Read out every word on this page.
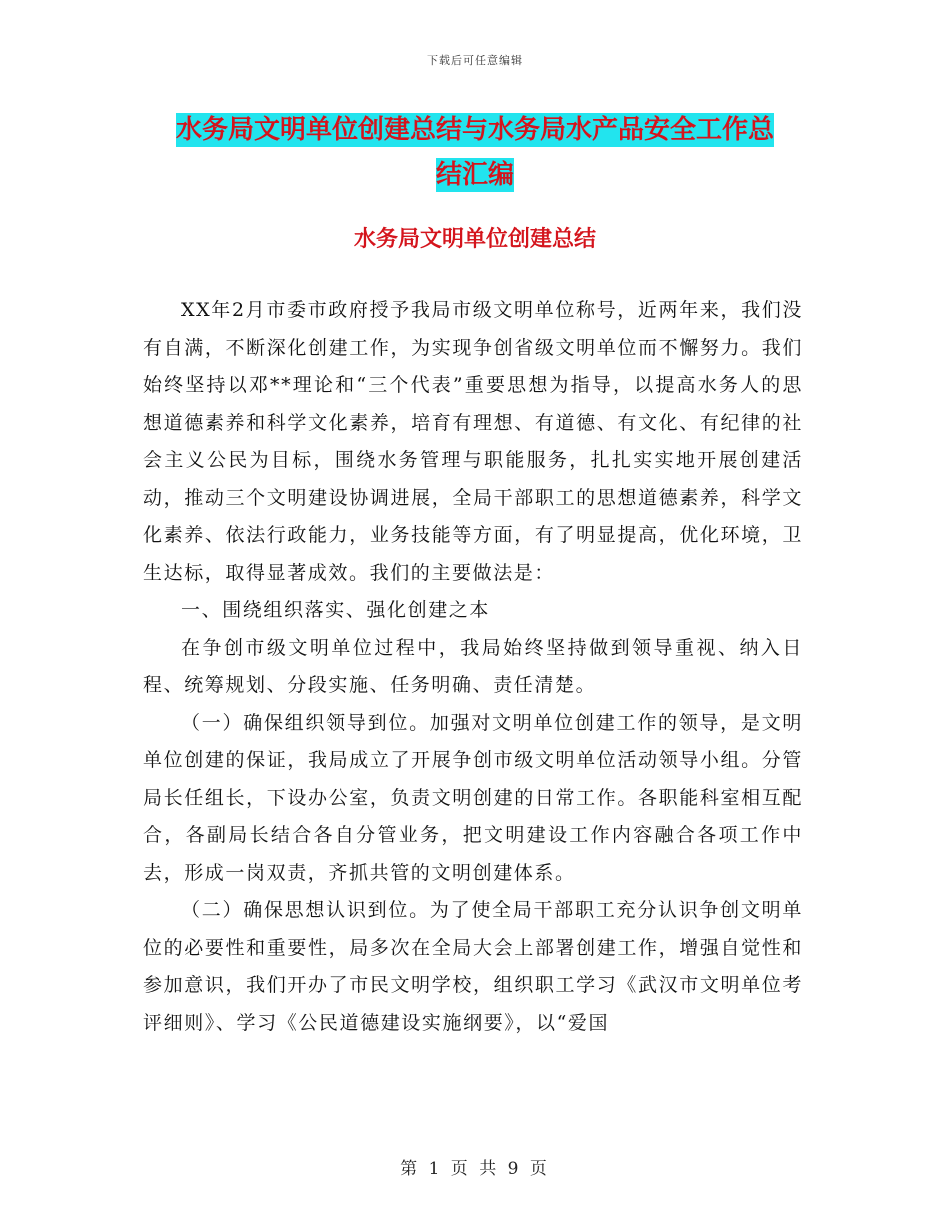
下载后可任意编辑
水务局文明单位创建总结与水务局水产品安全工作总
结汇编
水务局文明单位创建总结

XX年2月市委市政府授予我局市级文明单位称号，近两年来，我们没有自满，不断深化创建工作，为实现争创省级文明单位而不懈努力。我们始终坚持以邓**理论和“三个代表”重要思想为指导，以提高水务人的思想道德素养和科学文化素养，培育有理想、有道德、有文化、有纪律的社会主义公民为目标，围绕水务管理与职能服务，扎扎实实地开展创建活动，推动三个文明建设协调进展，全局干部职工的思想道德素养，科学文化素养、依法行政能力，业务技能等方面，有了明显提高，优化环境，卫生达标，取得显著成效。我们的主要做法是：

一、围绕组织落实、强化创建之本

在争创市级文明单位过程中，我局始终坚持做到领导重视、纳入日程、统筹规划、分段实施、任务明确、责任清楚。

（一）确保组织领导到位。加强对文明单位创建工作的领导，是文明单位创建的保证，我局成立了开展争创市级文明单位活动领导小组。分管局长任组长，下设办公室，负责文明创建的日常工作。各职能科室相互配合，各副局长结合各自分管业务，把文明建设工作内容融合各项工作中去，形成一岗双责，齐抓共管的文明创建体系。

（二）确保思想认识到位。为了使全局干部职工充分认识争创文明单位的必要性和重要性，局多次在全局大会上部署创建工作，增强自觉性和参加意识，我们开办了市民文明学校，组织职工学习《武汉市文明单位考评细则》、学习《公民道德建设实施纲要》，以“爱国

第 1 页 共 9 页
